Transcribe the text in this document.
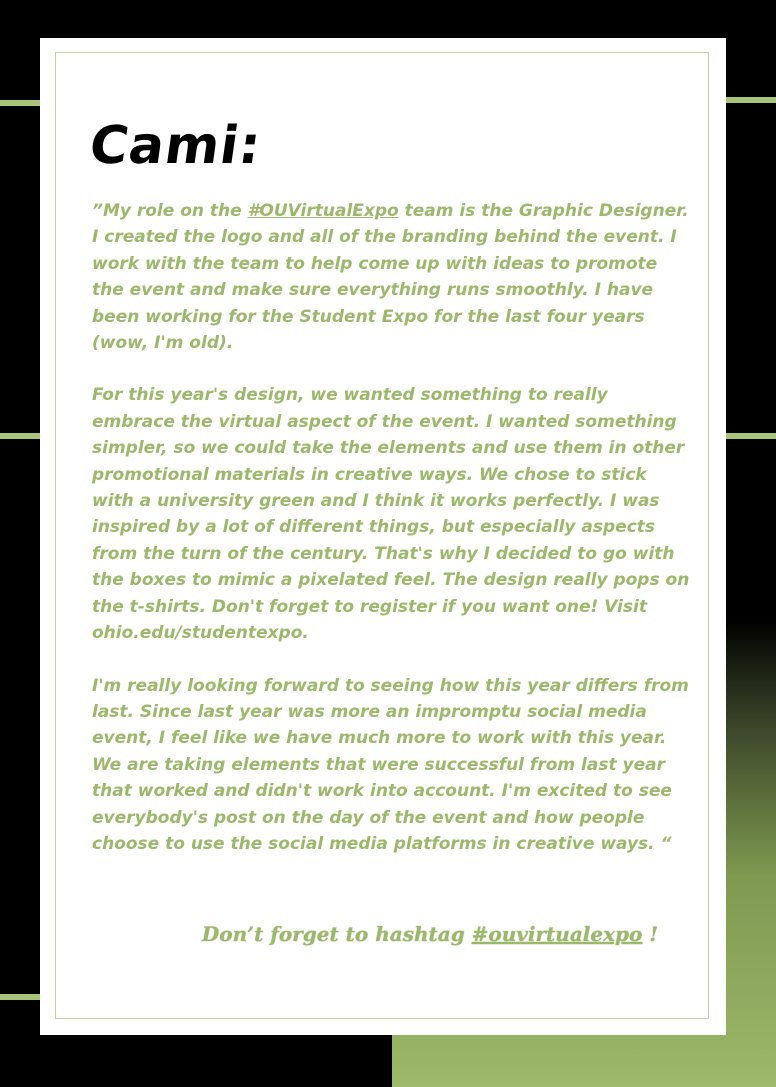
Cami:

”My role on the #OUVirtualExpo team is the Graphic Designer. I created the logo and all of the branding behind the event. I work with the team to help come up with ideas to promote the event and make sure everything runs smoothly. I have been working for the Student Expo for the last four years (wow, I'm old).

For this year's design, we wanted something to really embrace the virtual aspect of the event. I wanted something simpler, so we could take the elements and use them in other promotional materials in creative ways. We chose to stick with a university green and I think it works perfectly. I was inspired by a lot of different things, but especially aspects from the turn of the century. That's why I decided to go with the boxes to mimic a pixelated feel. The design really pops on the t-shirts. Don't forget to register if you want one! Visit ohio.edu/studentexpo.

I'm really looking forward to seeing how this year differs from last. Since last year was more an impromptu social media event, I feel like we have much more to work with this year. We are taking elements that were successful from last year that worked and didn't work into account. I'm excited to see everybody's post on the day of the event and how people choose to use the social media platforms in creative ways. “

Don’t forget to hashtag #ouvirtualexpo !
